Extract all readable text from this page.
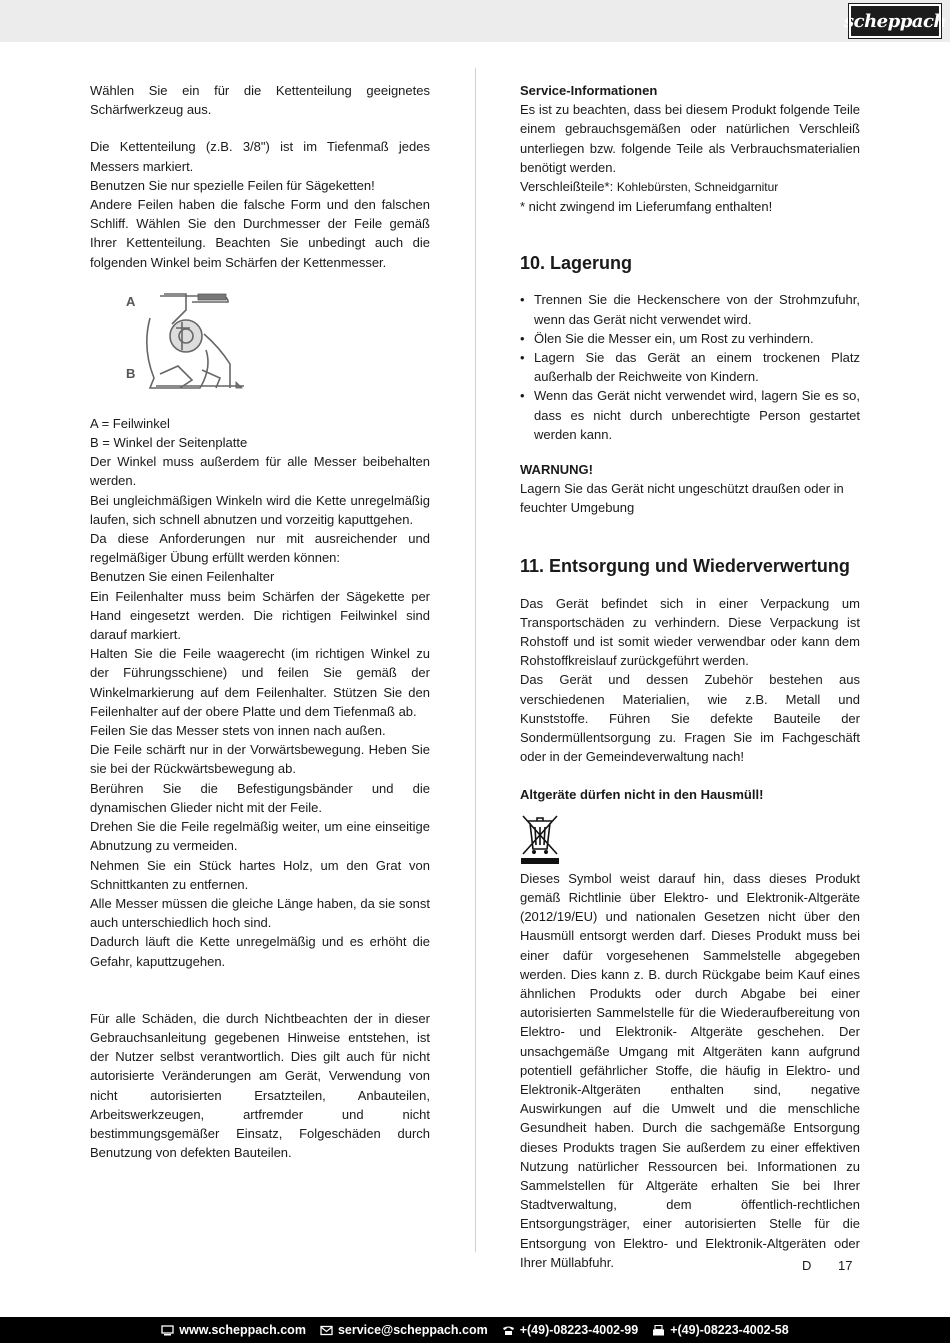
scheppach

Wählen Sie ein für die Kettenteilung geeignetes Schärfwerkzeug aus.

Die Kettenteilung (z.B. 3/8") ist im Tiefenmaß jedes Messers markiert.

Benutzen Sie nur spezielle Feilen für Sägeketten!

Andere Feilen haben die falsche Form und den falschen Schliff. Wählen Sie den Durchmesser der Feile gemäß Ihrer Kettenteilung. Beachten Sie unbedingt auch die folgenden Winkel beim Schärfen der Kettenmesser.

A = Feilwinkel

B = Winkel der Seitenplatte

Der Winkel muss außerdem für alle Messer beibehalten werden.

Bei ungleichmäßigen Winkeln wird die Kette unregelmäßig laufen, sich schnell abnutzen und vorzeitig kaputtgehen.

Da diese Anforderungen nur mit ausreichender und regelmäßiger Übung erfüllt werden können:

Benutzen Sie einen Feilenhalter

Ein Feilenhalter muss beim Schärfen der Sägekette per Hand eingesetzt werden. Die richtigen Feilwinkel sind darauf markiert.

Halten Sie die Feile waagerecht (im richtigen Winkel zu der Führungsschiene) und feilen Sie gemäß der Winkelmarkierung auf dem Feilenhalter. Stützen Sie den Feilenhalter auf der obere Platte und dem Tiefenmaß ab.

Feilen Sie das Messer stets von innen nach außen.

Die Feile schärft nur in der Vorwärtsbewegung. Heben Sie sie bei der Rückwärtsbewegung ab.

Berühren Sie die Befestigungsbänder und die dynamischen Glieder nicht mit der Feile.

Drehen Sie die Feile regelmäßig weiter, um eine einseitige Abnutzung zu vermeiden.

Nehmen Sie ein Stück hartes Holz, um den Grat von Schnittkanten zu entfernen.

Alle Messer müssen die gleiche Länge haben, da sie sonst auch unterschiedlich hoch sind.

Dadurch läuft die Kette unregelmäßig und es erhöht die Gefahr, kaputtzugehen.

Für alle Schäden, die durch Nichtbeachten der in dieser Gebrauchsanleitung gegebenen Hinweise entstehen, ist der Nutzer selbst verantwortlich. Dies gilt auch für nicht autorisierte Veränderungen am Gerät, Verwendung von nicht autorisierten Ersatzteilen, Anbauteilen, Arbeitswerkzeugen, artfremder und nicht bestimmungsgemäßer Einsatz, Folgeschäden durch Benutzung von defekten Bauteilen.

A
B

Service-Informationen

Es ist zu beachten, dass bei diesem Produkt folgende Teile einem gebrauchsgemäßen oder natürlichen Verschleiß unterliegen bzw. folgende Teile als Verbrauchsmaterialien benötigt werden.

Verschleißteile*: Kohlebürsten, Schneidgarnitur

* nicht zwingend im Lieferumfang enthalten!

10. Lagerung

• Trennen Sie die Heckenschere von der Strohmzufuhr, wenn das Gerät nicht verwendet wird.
• Ölen Sie die Messer ein, um Rost zu verhindern.
• Lagern Sie das Gerät an einem trockenen Platz außerhalb der Reichweite von Kindern.
• Wenn das Gerät nicht verwendet wird, lagern Sie es so, dass es nicht durch unberechtigte Person gestartet werden kann.

WARNUNG!

Lagern Sie das Gerät nicht ungeschützt draußen oder in feuchter Umgebung

11. Entsorgung und Wiederverwertung

Das Gerät befindet sich in einer Verpackung um Transportschäden zu verhindern. Diese Verpackung ist Rohstoff und ist somit wieder verwendbar oder kann dem Rohstoffkreislauf zurückgeführt werden.

Das Gerät und dessen Zubehör bestehen aus verschiedenen Materialien, wie z.B. Metall und Kunststoffe. Führen Sie defekte Bauteile der Sondermüllentsorgung zu. Fragen Sie im Fachgeschäft oder in der Gemeindeverwaltung nach!

Altgeräte dürfen nicht in den Hausmüll!

Dieses Symbol weist darauf hin, dass dieses Produkt gemäß Richtlinie über Elektro- und Elektronik-Altgeräte (2012/19/EU) und nationalen Gesetzen nicht über den Hausmüll entsorgt werden darf. Dieses Produkt muss bei einer dafür vorgesehenen Sammelstelle abgegeben werden. Dies kann z. B. durch Rückgabe beim Kauf eines ähnlichen Produkts oder durch Abgabe bei einer autorisierten Sammelstelle für die Wiederaufbereitung von Elektro- und Elektronik- Altgeräte geschehen. Der unsachgemäße Umgang mit Altgeräten kann aufgrund potentiell gefährlicher Stoffe, die häufig in Elektro- und Elektronik-Altgeräten enthalten sind, negative Auswirkungen auf die Umwelt und die menschliche Gesundheit haben. Durch die sachgemäße Entsorgung dieses Produkts tragen Sie außerdem zu einer effektiven Nutzung natürlicher Ressourcen bei. Informationen zu Sammelstellen für Altgeräte erhalten Sie bei Ihrer Stadtverwaltung, dem öffentlich-rechtlichen Entsorgungsträger, einer autorisierten Stelle für die Entsorgung von Elektro- und Elektronik-Altgeräten oder Ihrer Müllabfuhr.	D 17
www.scheppach.com	service@scheppach.com	+(49)-08223-4002-99	+(49)-08223-4002-58
